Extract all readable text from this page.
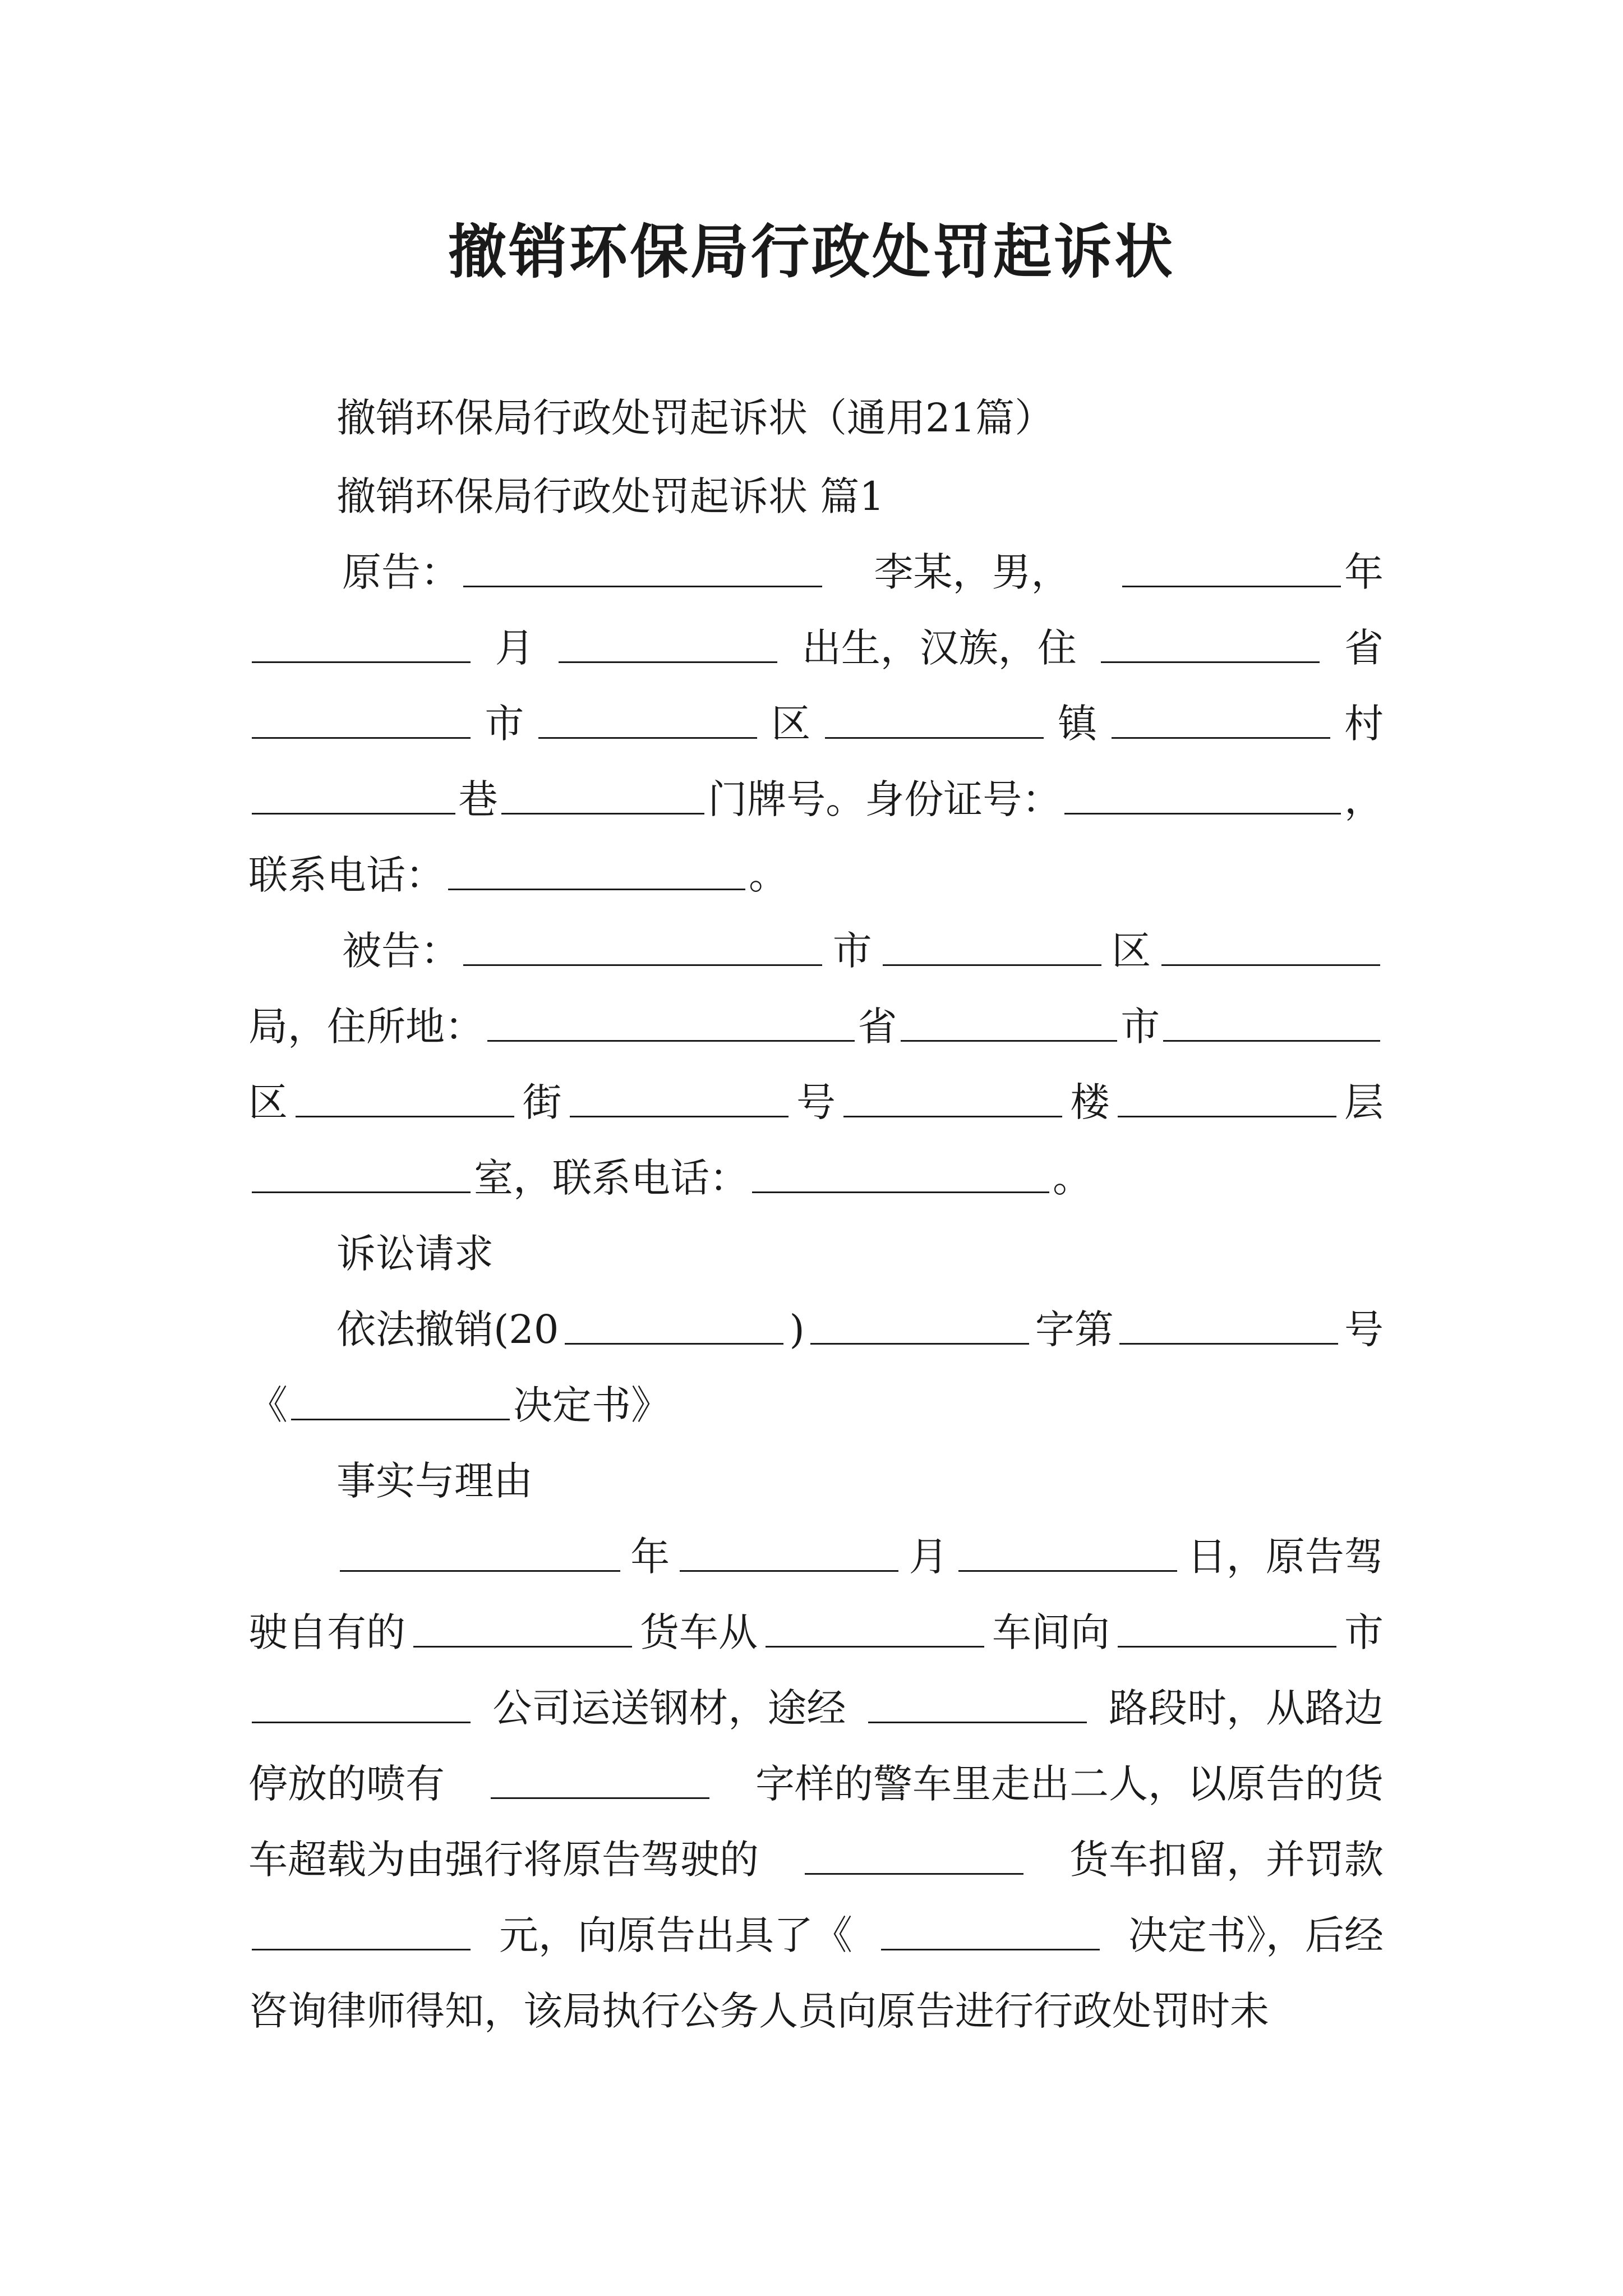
撤销环保局行政处罚起诉状
撤销环保局行政处罚起诉状（通用21篇）
撤销环保局行政处罚起诉状 篇1
原告：	李某，男，	年
月	出生，汉族，住	省
市	区	镇	村
巷	门牌号。身份证号：	，
联系电话：	。
被告：	市	区
局，住所地：	省	市
区	街	号	楼	层
室，联系电话：	。
诉讼请求
依法撤销(20	)	字第	号
《	决定书》
事实与理由
年	月	日，原告驾
驶自有的	货车从	车间向	市
公司运送钢材，途经	路段时，从路边
停放的喷有	字样的警车里走出二人，以原告的货
车超载为由强行将原告驾驶的	货车扣留，并罚款
元，向原告出具了《	决定书》，后经
咨询律师得知，该局执行公务人员向原告进行行政处罚时未
